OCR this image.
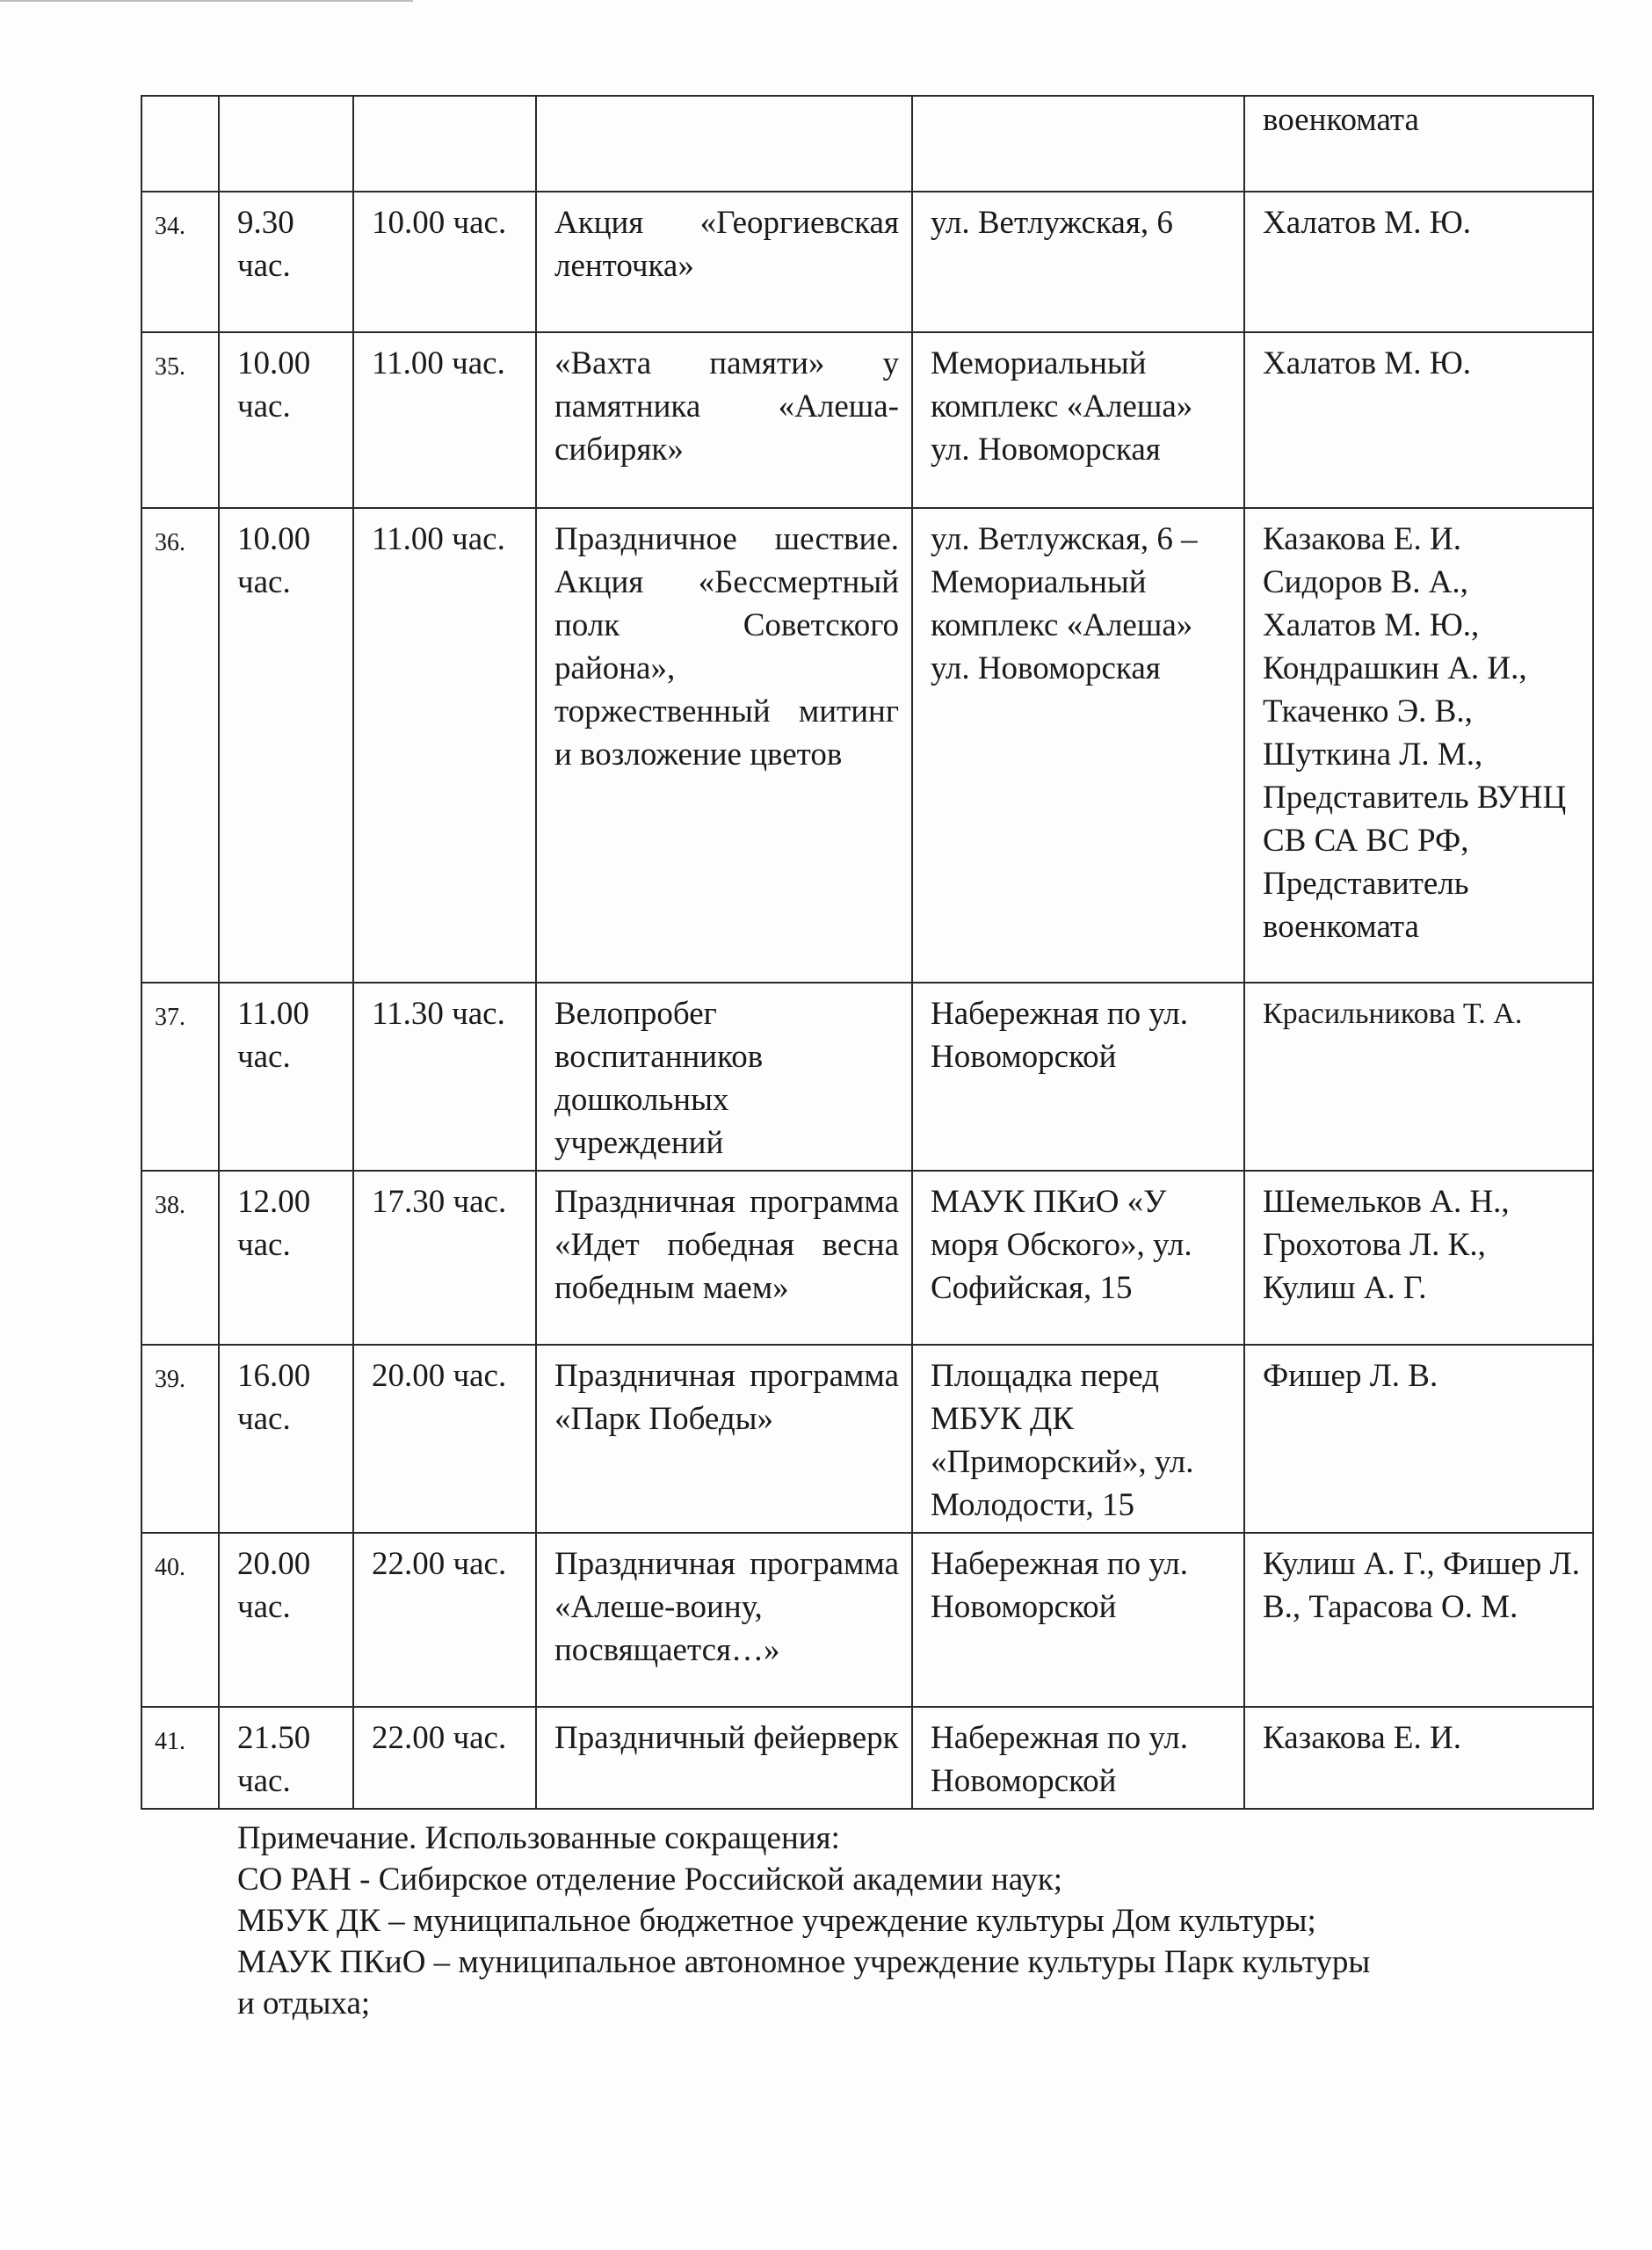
					военкомата
34.	9.30 час.	10.00 час.	Акция «Георгиевская ленточка»	ул. Ветлужская, 6	Халатов М. Ю.
35.	10.00 час.	11.00 час.	«Вахта памяти» у памятника «Алеша-сибиряк»	Мемориальный комплекс «Алеша» ул. Новоморская	Халатов М. Ю.
36.	10.00 час.	11.00 час.	Праздничное шествие. Акция «Бессмертный полк Советского района», торжественный митинг и возложение цветов	ул. Ветлужская, 6 – Мемориальный комплекс «Алеша» ул. Новоморская	Казакова Е. И. Сидоров В. А., Халатов М. Ю., Кондрашкин А. И., Ткаченко Э. В., Шуткина Л. М., Представитель ВУНЦ СВ СА ВС РФ, Представитель военкомата
37.	11.00 час.	11.30 час.	Велопробег воспитанников дошкольных учреждений	Набережная по ул. Новоморской	Красильникова Т. А.
38.	12.00 час.	17.30 час.	Праздничная программа «Идет победная весна победным маем»	МАУК ПКиО «У моря Обского», ул. Софийская, 15	Шемельков А. Н., Грохотова Л. К., Кулиш А. Г.
39.	16.00 час.	20.00 час.	Праздничная программа «Парк Победы»	Площадка перед МБУК ДК «Приморский», ул. Молодости, 15	Фишер Л. В.
40.	20.00 час.	22.00 час.	Праздничная программа «Алеше-воину, посвящается…»	Набережная по ул. Новоморской	Кулиш А. Г., Фишер Л. В., Тарасова О. М.
41.	21.50 час.	22.00 час.	Праздничный фейерверк	Набережная по ул. Новоморской	Казакова Е. И.
Примечание. Использованные сокращения:
СО РАН - Сибирское отделение Российской академии наук;
МБУК ДК – муниципальное бюджетное учреждение культуры Дом культуры;
МАУК ПКиО – муниципальное автономное учреждение культуры Парк культуры
и отдыха;
